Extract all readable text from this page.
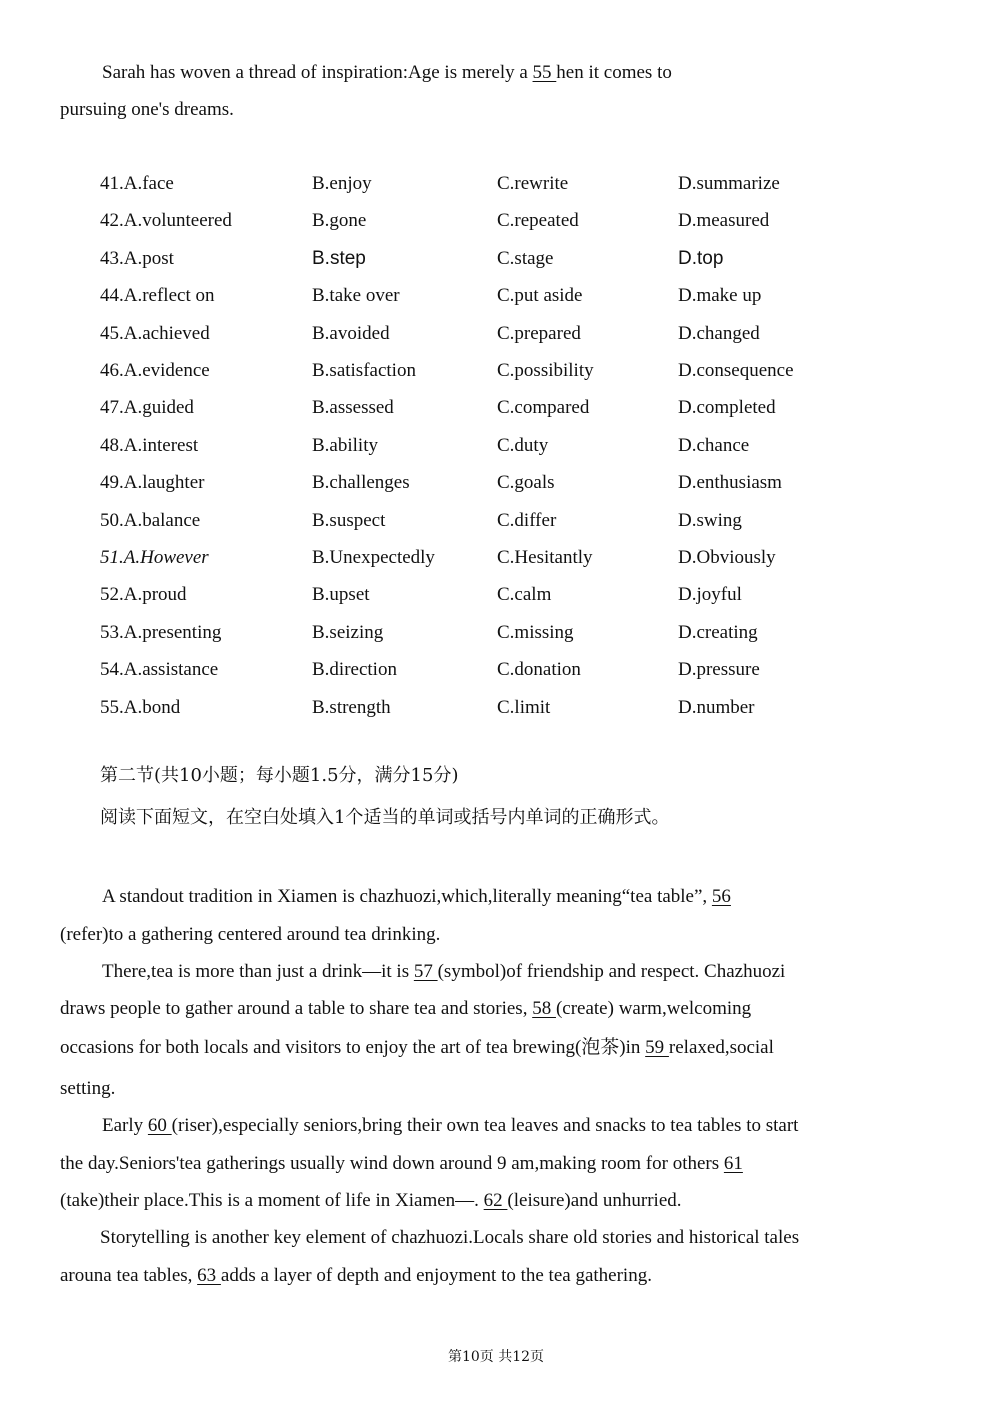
Sarah has woven a thread of inspiration:Age is merely a 55 hen it comes to
pursuing one's dreams.
41.A.face	B.enjoy	C.rewrite	D.summarize
42.A.volunteered	B.gone	C.repeated	D.measured
43.A.post	B.step	C.stage	D.top
44.A.reflect on	B.take over	C.put aside	D.make up
45.A.achieved	B.avoided	C.prepared	D.changed
46.A.evidence	B.satisfaction	C.possibility	D.consequence
47.A.guided	B.assessed	C.compared	D.completed
48.A.interest	B.ability	C.duty	D.chance
49.A.laughter	B.challenges	C.goals	D.enthusiasm
50.A.balance	B.suspect	C.differ	D.swing
51.A.However	B.Unexpectedly	C.Hesitantly	D.Obviously
52.A.proud	B.upset	C.calm	D.joyful
53.A.presenting	B.seizing	C.missing	D.creating
54.A.assistance	B.direction	C.donation	D.pressure
55.A.bond	B.strength	C.limit	D.number
第二节(共10小题；每小题1.5分，满分15分)
阅读下面短文，在空白处填入1个适当的单词或括号内单词的正确形式。
A standout tradition in Xiamen is chazhuozi,which,literally meaning“tea table”, 56
(refer)to a gathering centered around tea drinking.
There,tea is more than just a drink—it is 57 (symbol)of friendship and respect. Chazhuozi
draws people to gather around a table to share tea and stories, 58 (create) warm,welcoming
occasions for both locals and visitors to enjoy the art of tea brewing(泡茶)in 59 relaxed,social
setting.
Early 60 (riser),especially seniors,bring their own tea leaves and snacks to tea tables to start
the day.Seniors'tea gatherings usually wind down around 9 am,making room for others 61
(take)their place.This is a moment of life in Xiamen—. 62 (leisure)and unhurried.
Storytelling is another key element of chazhuozi.Locals share old stories and historical tales
arouna tea tables, 63 adds a layer of depth and enjoyment to the tea gathering.
第10页 共12页
